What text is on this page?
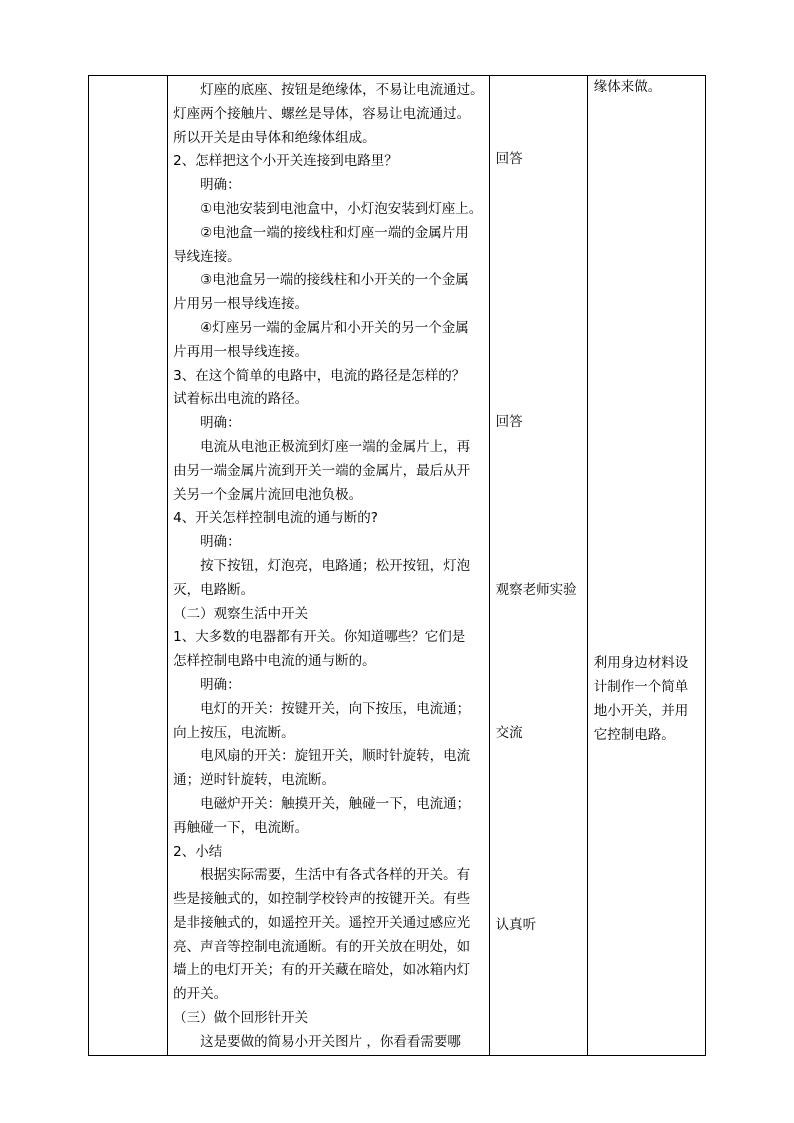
灯座的底座、按钮是绝缘体，不易让电流通过。
灯座两个接触片、螺丝是导体，容易让电流通过。
所以开关是由导体和绝缘体组成。
2、怎样把这个小开关连接到电路里？
明确：
①电池安装到电池盒中，小灯泡安装到灯座上。
②电池盒一端的接线柱和灯座一端的金属片用
导线连接。
③电池盒另一端的接线柱和小开关的一个金属
片用另一根导线连接。
④灯座另一端的金属片和小开关的另一个金属
片再用一根导线连接。
3、在这个简单的电路中，电流的路径是怎样的？
试着标出电流的路径。
明确：
电流从电池正极流到灯座一端的金属片上，再
由另一端金属片流到开关一端的金属片，最后从开
关另一个金属片流回电池负极。
4、开关怎样控制电流的通与断的?
明确：
按下按钮，灯泡亮，电路通；松开按钮，灯泡
灭，电路断。
（二）观察生活中开关
1、大多数的电器都有开关。你知道哪些？它们是
怎样控制电路中电流的通与断的。
明确：
电灯的开关：按键开关，向下按压，电流通；
向上按压，电流断。
电风扇的开关：旋钮开关，顺时针旋转，电流
通；逆时针旋转，电流断。
电磁炉开关：触摸开关，触碰一下，电流通；
再触碰一下，电流断。
2、小结
根据实际需要，生活中有各式各样的开关。有
些是接触式的，如控制学校铃声的按键开关。有些
是非接触式的，如遥控开关。遥控开关通过感应光
亮、声音等控制电流通断。有的开关放在明处，如
墙上的电灯开关；有的开关藏在暗处，如冰箱内灯
的开关。
（三）做个回形针开关
这是要做的简易小开关图片 ，你看看需要哪

回答
回答
观察老师实验
交流
认真听

缘体来做。
利用身边材料设
计制作一个简单
地小开关，并用
它控制电路。
